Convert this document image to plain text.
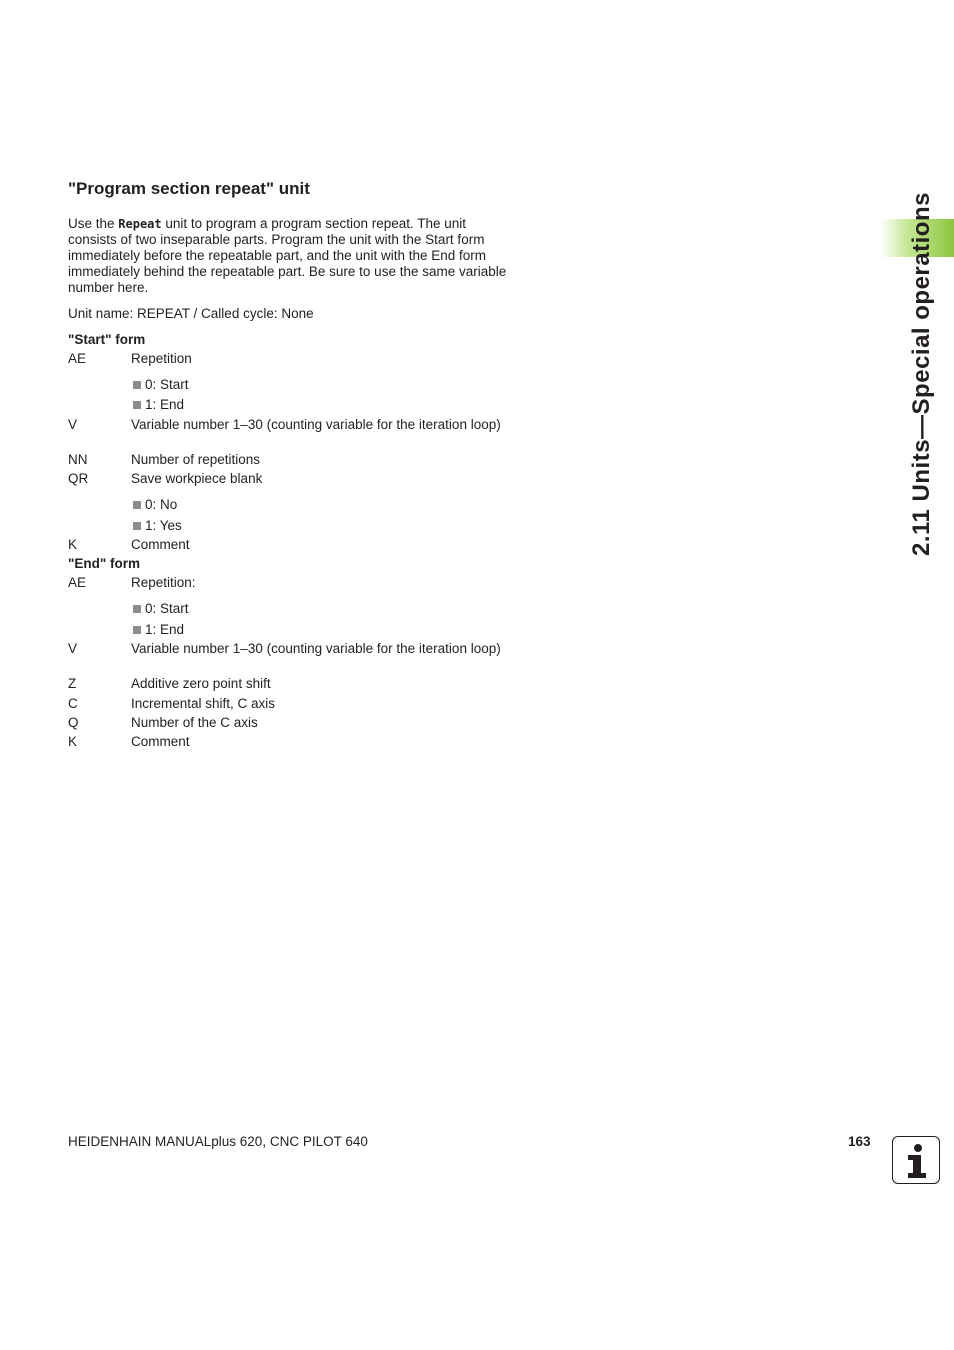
2.11 Units—Special operations
"Program section repeat" unit
Use the Repeat unit to program a program section repeat. The unit consists of two inseparable parts. Program the unit with the Start form immediately before the repeatable part, and the unit with the End form immediately behind the repeatable part. Be sure to use the same variable number here.
Unit name: REPEAT / Called cycle: None
"Start" form
AE	Repetition
0: Start
1: End
V	Variable number 1–30 (counting variable for the iteration loop)
NN	Number of repetitions
QR	Save workpiece blank
0: No
1: Yes
K	Comment
"End" form
AE	Repetition:
0: Start
1: End
V	Variable number 1–30 (counting variable for the iteration loop)
Z	Additive zero point shift
C	Incremental shift, C axis
Q	Number of the C axis
K	Comment
HEIDENHAIN MANUALplus 620, CNC PILOT 640	163
